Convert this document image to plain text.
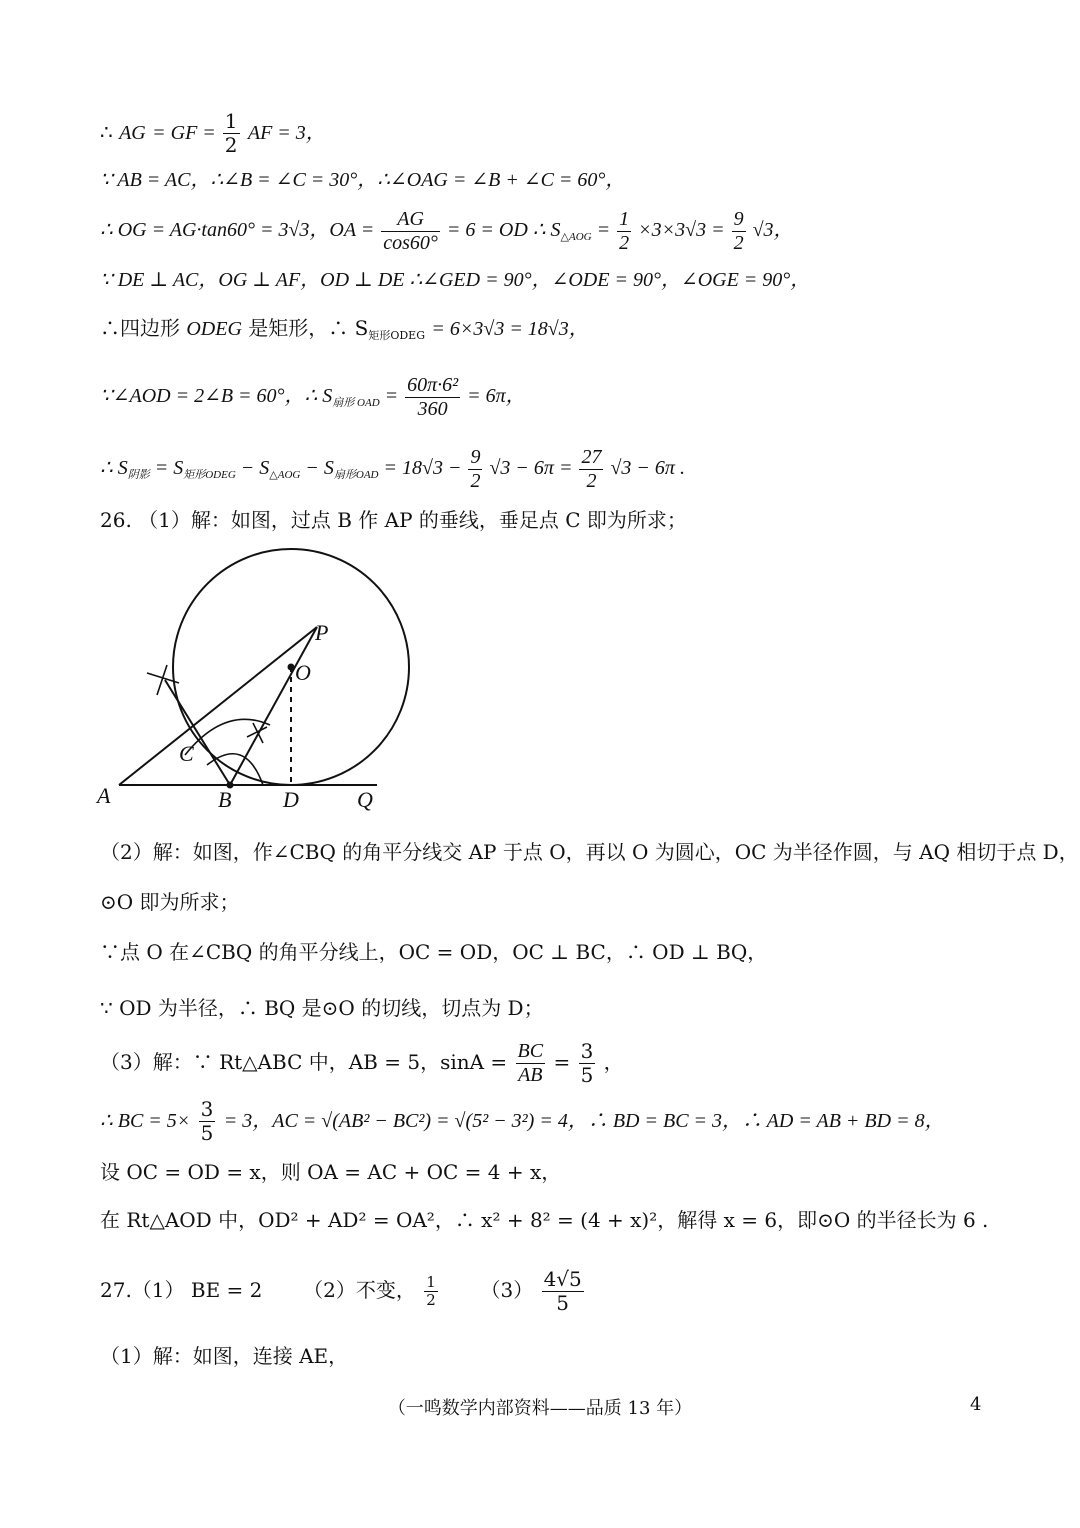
∴ AG = GF = $\frac{1}{2}$ AF = 3，
∵ AB = AC，∴∠B = ∠C = 30°，∴∠OAG = ∠B + ∠C = 60°，
∴ OG = AG·tan60° = 3√3，OA = $\frac{AG}{\cos 60^\circ} = 6$ = OD ∴ $S_{\triangle AOG} = \frac{1}{2} \times 3\times 3√3 = \frac{9}{2} √3$，
∵ DE ⊥ AC，OG ⊥ AF，OD ⊥ DE ∴∠GED = 90°，∠ODE = 90°，∠OGE = 90°，
∴四边形 ODEG 是矩形，∴ $S_{矩形ODEG} = 6\times 3√3 = 18√3$，
∵∠AOD = 2∠B = 60°，∴ $S_{扇形 OAD} = \frac{\text{60π·6²}}{360} = 6\pi$，
∴ $S_{阴影} = S_{矩形ODEG} - S_{\triangle AOG} - S_{扇形OAD} = 18√3 - \frac{9}{2} √3 - 6\pi = \frac{27}{2} √3 - 6\pi$ .
26. （1）解：如图，过点 B 作 AP 的垂线，垂足点 C 即为所求；
P
O
C
A	B D	Q
（2）解：如图，作∠CBQ 的角平分线交 AP 于点 O，再以 O 为圆心，OC 为半径作圆，与 AQ 相切于点 D，
⊙O 即为所求；
∵点 O 在∠CBQ 的角平分线上，OC = OD，OC ⊥ BC，∴ OD ⊥ BQ，
∵ OD 为半径，∴ BQ 是⊙O 的切线，切点为 D；
（3）解：∵ Rt△ABC 中，AB = 5，$\sin A = \frac{BC}{AB} = \frac{3}{5}$ ，
∴ BC = $5\times \frac{3}{5} = 3$，AC = √(AB² − BC²) = √(5² − 3²) = 4，∴ BD = BC = 3，∴ AD = AB + BD = 8，
设 OC = OD = x，则 OA = AC + OC = 4 + x，
在 Rt△AOD 中，OD² + AD² = OA²，∴ x² + 8² = (4 + x)²，解得 x = 6，即⊙O 的半径长为 6 .
27.（1） BE = 2 （2）不变， $\frac{1}{2} (3) \frac{4√5}{5}$
（1）解：如图，连接 AE，
（一鸣数学内部资料——品质 13 年）	4
